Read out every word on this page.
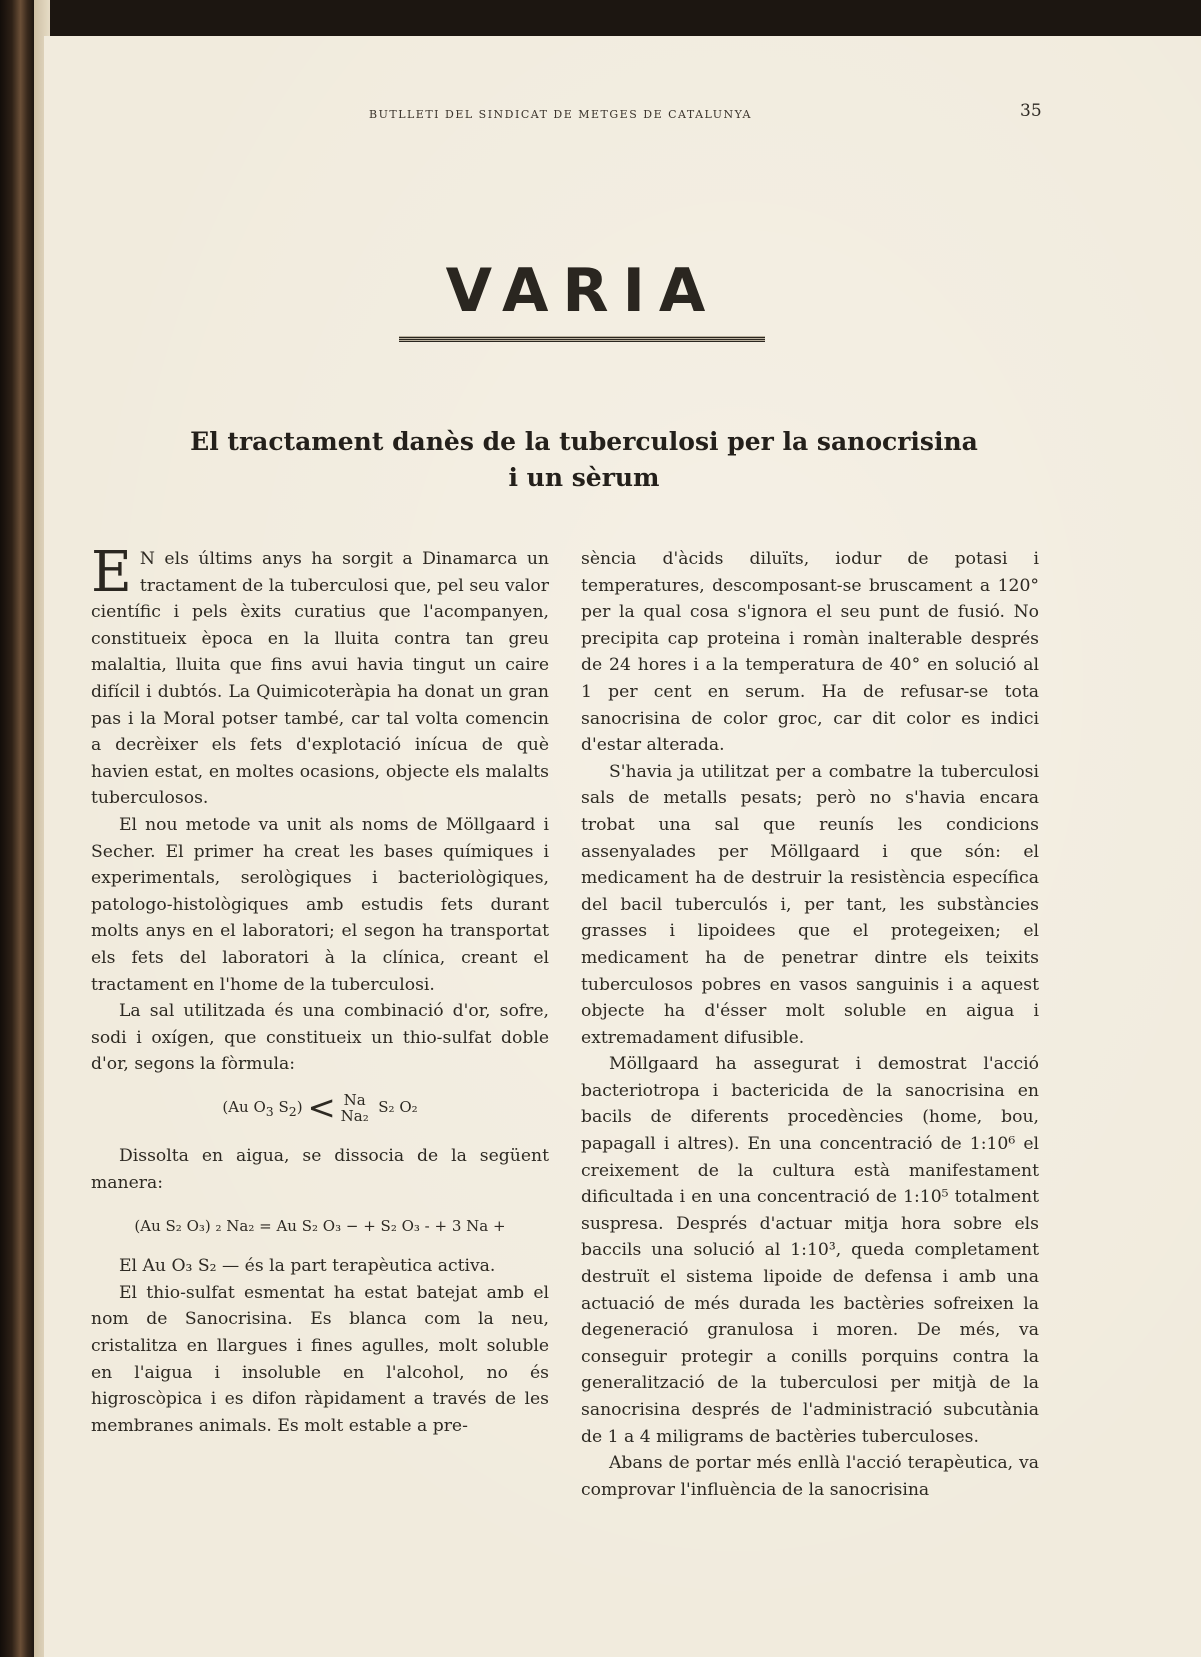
BUTLLETI DEL SINDICAT DE METGES DE CATALUNYA	35
VARIA
El tractament danès de la tuberculosi per la sanocrisina
i un sèrum

E N els últims anys ha sorgit a Dinamarca un tractament de la tuberculosi que, pel seu valor científic i pels èxits curatius que l'acompanyen, constitueix època en la lluita contra tan greu malaltia, lluita que fins avui havia tingut un caire difícil i dubtós. La Quimicoteràpia ha donat un gran pas i la Moral potser també, car tal volta comencin a decrèixer els fets d'explotació inícua de què havien estat, en moltes ocasions, objecte els malalts tuberculosos.

El nou metode va unit als noms de Möllgaard i Secher. El primer ha creat les bases químiques i experimentals, serològiques i bacteriològiques, patologo-histològiques amb estudis fets durant molts anys en el laboratori; el segon ha transportat els fets del laboratori à la clínica, creant el tractament en l'home de la tuberculosi.

La sal utilitzada és una combinació d'or, sofre, sodi i oxígen, que constitueix un thio-sulfat doble d'or, segons la fòrmula:

(Au $O_3$ $S_2) < Na$
Na₂ S₂ O₂

Dissolta en aigua, se dissocia de la següent manera:

(Au S₂ O₃) ₂ Na₂ = Au S₂ O₃ − + S₂ O₃ - + 3 Na +

El Au O₃ S₂ — és la part terapèutica activa.

El thio-sulfat esmentat ha estat batejat amb el nom de Sanocrisina. Es blanca com la neu, cristalitza en llargues i fines agulles, molt soluble en l'aigua i insoluble en l'alcohol, no és higroscòpica i es difon ràpidament a través de les membranes animals. Es molt estable a pre-

sència d'àcids diluïts, iodur de potasi i temperatures, descomposant-se bruscament a 120° per la qual cosa s'ignora el seu punt de fusió. No precipita cap proteina i romàn inalterable després de 24 hores i a la temperatura de 40° en solució al 1 per cent en serum. Ha de refusar-se tota sanocrisina de color groc, car dit color es indici d'estar alterada.

S'havia ja utilitzat per a combatre la tuberculosi sals de metalls pesats; però no s'havia encara trobat una sal que reunís les condicions assenyalades per Möllgaard i que són: el medicament ha de destruir la resistència específica del bacil tuberculós i, per tant, les substàncies grasses i lipoidees que el protegeixen; el medicament ha de penetrar dintre els teixits tuberculosos pobres en vasos sanguinis i a aquest objecte ha d'ésser molt soluble en aigua i extremadament difusible.

Möllgaard ha assegurat i demostrat l'acció bacteriotropa i bactericida de la sanocrisina en bacils de diferents procedències (home, bou, papagall i altres). En una concentració de 1:10⁶ el creixement de la cultura està manifestament dificultada i en una concentració de 1:10⁵ totalment suspresa. Després d'actuar mitja hora sobre els baccils una solució al 1:10³, queda completament destruït el sistema lipoide de defensa i amb una actuació de més durada les bactèries sofreixen la degeneració granulosa i moren. De més, va conseguir protegir a conills porquins contra la generalització de la tuberculosi per mitjà de la sanocrisina després de l'administració subcutània de 1 a 4 miligrams de bactèries tuberculoses.

Abans de portar més enllà l'acció terapèutica, va comprovar l'influència de la sanocrisina
